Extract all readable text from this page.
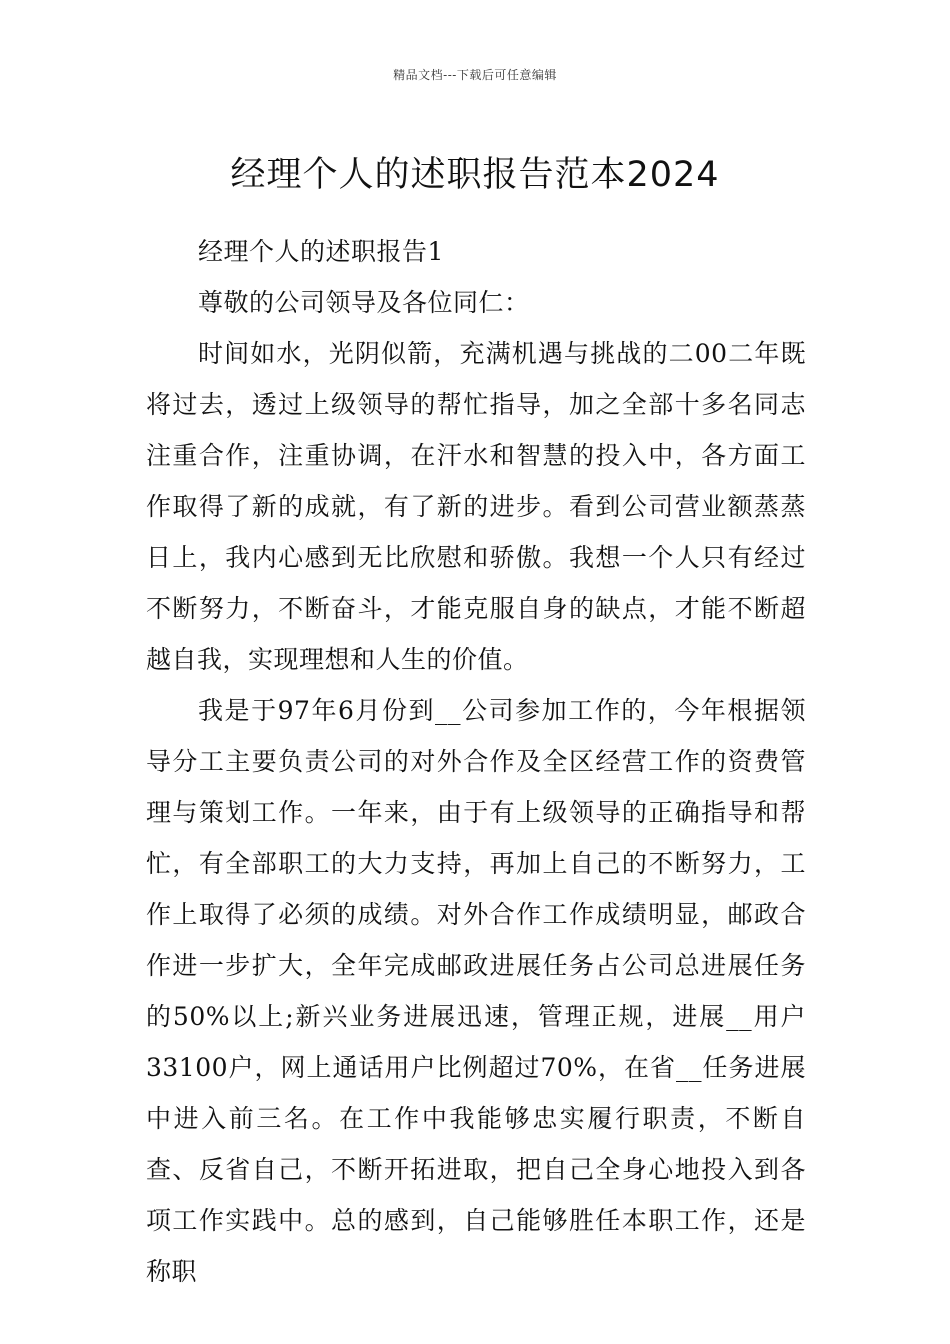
精品文档---下载后可任意编辑
经理个人的述职报告范本2024

经理个人的述职报告1

尊敬的公司领导及各位同仁：

时间如水，光阴似箭，充满机遇与挑战的二00二年既将过去，透过上级领导的帮忙指导，加之全部十多名同志注重合作，注重协调，在汗水和智慧的投入中，各方面工作取得了新的成就，有了新的进步。看到公司营业额蒸蒸日上，我内心感到无比欣慰和骄傲。我想一个人只有经过不断努力，不断奋斗，才能克服自身的缺点，才能不断超越自我，实现理想和人生的价值。

我是于97年6月份到__公司参加工作的，今年根据领导分工主要负责公司的对外合作及全区经营工作的资费管理与策划工作。一年来，由于有上级领导的正确指导和帮忙，有全部职工的大力支持，再加上自己的不断努力，工作上取得了必须的成绩。对外合作工作成绩明显，邮政合作进一步扩大，全年完成邮政进展任务占公司总进展任务的50%以上;新兴业务进展迅速，管理正规，进展__用户33100户，网上通话用户比例超过70%，在省__任务进展中进入前三名。在工作中我能够忠实履行职责，不断自查、反省自己，不断开拓进取，把自己全身心地投入到各项工作实践中。总的感到，自己能够胜任本职工作，还是称职
